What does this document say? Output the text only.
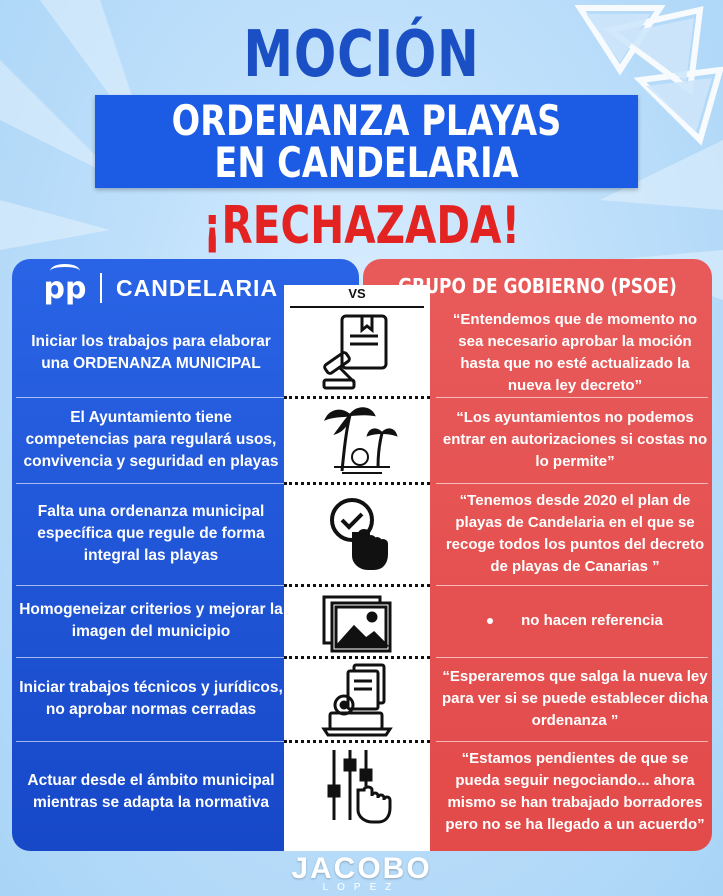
MOCIÓN
ORDENANZA PLAYAS
EN CANDELARIA
¡RECHAZADA!
pp CANDELARIA	GRUPO DE GOBIERNO (PSOE)
VS
Iniciar los trabajos para elaborar una ORDENANZA MUNICIPAL
“Entendemos que de momento no sea necesario aprobar la moción hasta que no esté actualizado la nueva ley decreto”
El Ayuntamiento tiene competencias para regulará usos, convivencia y seguridad en playas
“Los ayuntamientos no podemos entrar en autorizaciones si costas no lo permite”
Falta una ordenanza municipal específica que regule de forma integral las playas
“Tenemos desde 2020 el plan de playas de Candelaria en el que se recoge todos los puntos del decreto de playas de Canarias ”
Homogeneizar criterios y mejorar la imagen del municipio
no hacen referencia
Iniciar trabajos técnicos y jurídicos, no aprobar normas cerradas
“Esperaremos que salga la nueva ley para ver si se puede establecer dicha ordenanza ”
Actuar desde el ámbito municipal mientras se adapta la normativa
“Estamos pendientes de que se pueda seguir negociando... ahora mismo se han trabajado borradores pero no se ha llegado a un acuerdo”
JACOBO
LOPEZ
